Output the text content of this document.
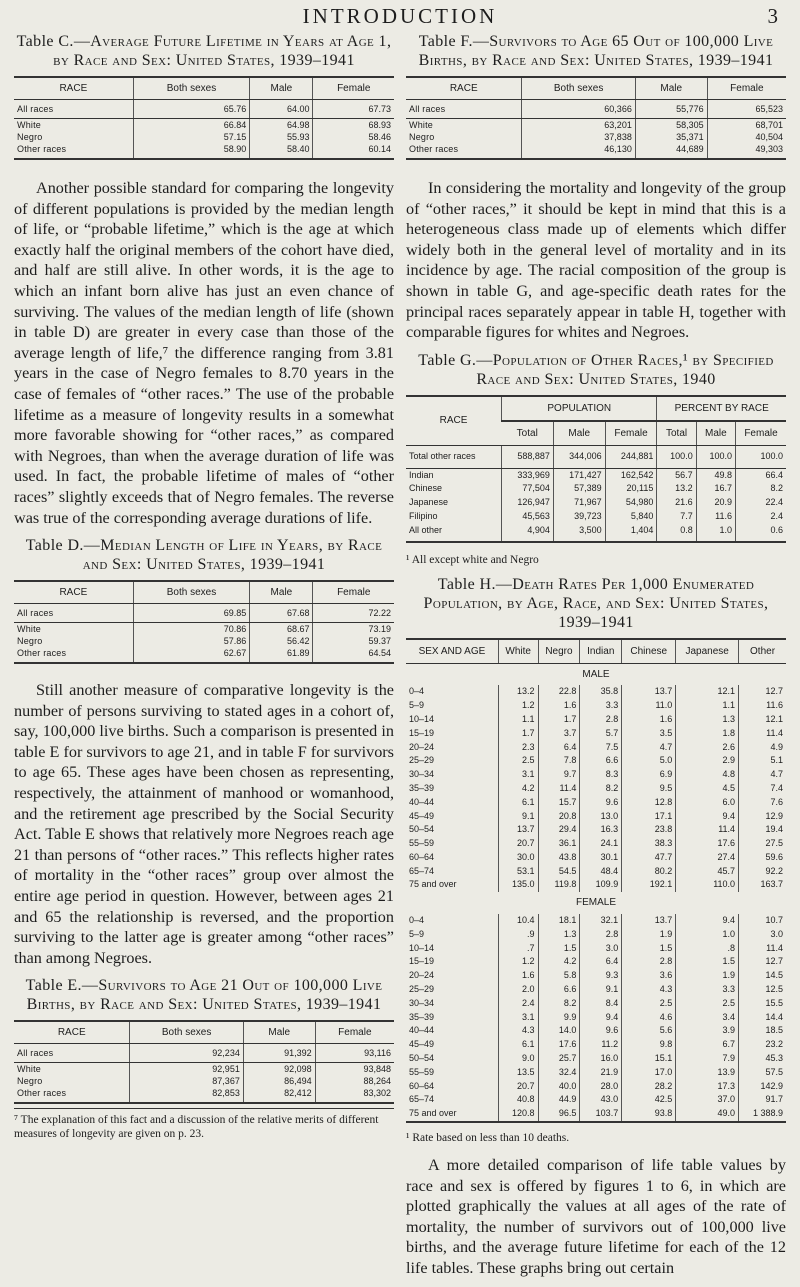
INTRODUCTION	3
Table C.—Average Future Lifetime in Years at Age 1, by Race and Sex: United States, 1939–1941
RACE	Both sexes	Male	Female
All races	65.76	64.00	67.73
White	66.84	64.98	68.93
Negro	57.15	55.93	58.46
Other races	58.90	58.40	60.14

Another possible standard for comparing the longevity of different populations is provided by the median length of life, or “probable lifetime,” which is the age at which exactly half the original members of the cohort have died, and half are still alive. In other words, it is the age to which an infant born alive has just an even chance of surviving. The values of the median length of life (shown in table D) are greater in every case than those of the average length of life,⁷ the difference ranging from 3.81 years in the case of Negro females to 8.70 years in the case of females of “other races.” The use of the probable lifetime as a measure of longevity results in a somewhat more favorable showing for “other races,” as compared with Negroes, than when the average duration of life was used. In fact, the probable lifetime of males of “other races” slightly exceeds that of Negro females. The reverse was true of the corresponding average durations of life.

Table D.—Median Length of Life in Years, by Race and Sex: United States, 1939–1941
RACE	Both sexes	Male	Female
All races	69.85	67.68	72.22
White	70.86	68.67	73.19
Negro	57.86	56.42	59.37
Other races	62.67	61.89	64.54

Still another measure of comparative longevity is the number of persons surviving to stated ages in a cohort of, say, 100,000 live births. Such a comparison is presented in table E for survivors to age 21, and in table F for survivors to age 65. These ages have been chosen as representing, respectively, the attainment of manhood or womanhood, and the retirement age prescribed by the Social Security Act. Table E shows that relatively more Negroes reach age 21 than persons of “other races.” This reflects higher rates of mortality in the “other races” group over almost the entire age period in question. However, between ages 21 and 65 the relationship is reversed, and the proportion surviving to the latter age is greater among “other races” than among Negroes.

Table E.—Survivors to Age 21 Out of 100,000 Live Births, by Race and Sex: United States, 1939–1941
RACE	Both sexes	Male	Female
All races	92,234	91,392	93,116
White	92,951	92,098	93,848
Negro	87,367	86,494	88,264
Other races	82,853	82,412	83,302
⁷ The explanation of this fact and a discussion of the relative merits of different measures of longevity are given on p. 23.
Table F.—Survivors to Age 65 Out of 100,000 Live Births, by Race and Sex: United States, 1939–1941
RACE	Both sexes	Male	Female
All races	60,366	55,776	65,523
White	63,201	58,305	68,701
Negro	37,838	35,371	40,504
Other races	46,130	44,689	49,303

In considering the mortality and longevity of the group of “other races,” it should be kept in mind that this is a heterogeneous class made up of elements which differ widely both in the general level of mortality and in its incidence by age. The racial composition of the group is shown in table G, and age-specific death rates for the principal races separately appear in table H, together with comparable figures for whites and Negroes.

Table G.—Population of Other Races,¹ by Specified Race and Sex: United States, 1940
RACE	POPULATION			PERCENT BY RACE		
	Total	Male	Female	Total	Male	Female
Total other races	588,887	344,006	244,881	100.0	100.0	100.0
Indian	333,969	171,427	162,542	56.7	49.8	66.4
Chinese	77,504	57,389	20,115	13.2	16.7	8.2
Japanese	126,947	71,967	54,980	21.6	20.9	22.4
Filipino	45,563	39,723	5,840	7.7	11.6	2.4
All other	4,904	3,500	1,404	0.8	1.0	0.6
¹ All except white and Negro
Table H.—Death Rates Per 1,000 Enumerated Population, by Age, Race, and Sex: United States, 1939–1941
SEX AND AGE	White	Negro	Indian	Chinese	Japanese	Other
MALE						
0–4	13.2	22.8	35.8	13.7	12.1	12.7
5–9	1.2	1.6	3.3	11.0	1.1	11.6
10–14	1.1	1.7	2.8	1.6	1.3	12.1
15–19	1.7	3.7	5.7	3.5	1.8	11.4
20–24	2.3	6.4	7.5	4.7	2.6	4.9
25–29	2.5	7.8	6.6	5.0	2.9	5.1
30–34	3.1	9.7	8.3	6.9	4.8	4.7
35–39	4.2	11.4	8.2	9.5	4.5	7.4
40–44	6.1	15.7	9.6	12.8	6.0	7.6
45–49	9.1	20.8	13.0	17.1	9.4	12.9
50–54	13.7	29.4	16.3	23.8	11.4	19.4
55–59	20.7	36.1	24.1	38.3	17.6	27.5
60–64	30.0	43.8	30.1	47.7	27.4	59.6
65–74	53.1	54.5	48.4	80.2	45.7	92.2
75 and over	135.0	119.8	109.9	192.1	110.0	163.7
FEMALE						
0–4	10.4	18.1	32.1	13.7	9.4	10.7
5–9	.9	1.3	2.8	1.9	1.0	3.0
10–14	.7	1.5	3.0	1.5	.8	11.4
15–19	1.2	4.2	6.4	2.8	1.5	12.7
20–24	1.6	5.8	9.3	3.6	1.9	14.5
25–29	2.0	6.6	9.1	4.3	3.3	12.5
30–34	2.4	8.2	8.4	2.5	2.5	15.5
35–39	3.1	9.9	9.4	4.6	3.4	14.4
40–44	4.3	14.0	9.6	5.6	3.9	18.5
45–49	6.1	17.6	11.2	9.8	6.7	23.2
50–54	9.0	25.7	16.0	15.1	7.9	45.3
55–59	13.5	32.4	21.9	17.0	13.9	57.5
60–64	20.7	40.0	28.0	28.2	17.3	142.9
65–74	40.8	44.9	43.0	42.5	37.0	91.7
75 and over	120.8	96.5	103.7	93.8	49.0	1 388.9
¹ Rate based on less than 10 deaths.

A more detailed comparison of life table values by race and sex is offered by figures 1 to 6, in which are plotted graphically the values at all ages of the rate of mortality, the number of survivors out of 100,000 live births, and the average future lifetime for each of the 12 life tables. These graphs bring out certain
